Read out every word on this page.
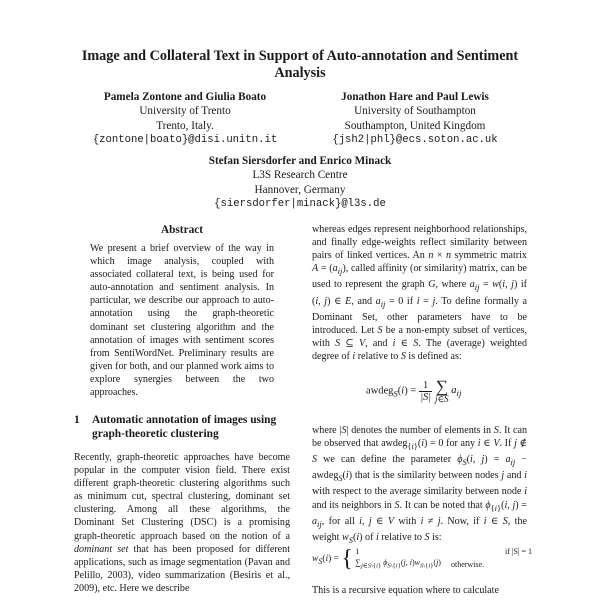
Image and Collateral Text in Support of Auto-annotation and Sentiment
Analysis
Pamela Zontone and Giulia Boato
University of Trento
Trento, Italy.
{zontone|boato}@disi.unitn.it
Jonathon Hare and Paul Lewis
University of Southampton
Southampton, United Kingdom
{jsh2|phl}@ecs.soton.ac.uk
Stefan Siersdorfer and Enrico Minack
L3S Research Centre
Hannover, Germany
{siersdorfer|minack}@l3s.de
Abstract
We present a brief overview of the way in which image analysis, coupled with associated collateral text, is being used for auto-annotation and sentiment analysis. In particular, we describe our approach to auto-annotation using the graph-theoretic dominant set clustering algorithm and the annotation of images with sentiment scores from SentiWordNet. Preliminary results are given for both, and our planned work aims to explore synergies between the two approaches.
1 Automatic annotation of images using
graph-theoretic clustering
Recently, graph-theoretic approaches have become popular in the computer vision field. There exist different graph-theoretic clustering algorithms such as minimum cut, spectral clustering, dominant set clustering. Among all these algorithms, the Dominant Set Clustering (DSC) is a promising graph-theoretic approach based on the notion of a dominant set that has been proposed for different applications, such as image segmentation (Pavan and Pelillo, 2003), video summarization (Besiris et al., 2009), etc. Here we describe
whereas edges represent neighborhood relationships, and finally edge-weights reflect similarity between pairs of linked vertices. An n × n symmetric matrix $A = (a_{ij})$, called affinity (or similarity) matrix, can be used to represent the graph G, where $a_{ij} = w(i$, j) if (i, j) ∈ E, and $a_{ij} = 0$ if i = j. To define formally a Dominant Set, other parameters have to be introduced. Let S be a non-empty subset of vertices, with S ⊆ V, and i ∈ S. The (average) weighted degree of i relative to S is defined as:
awdeg$_S$(i) = $\frac{1}{|S|}$
∑
j∈S $a_{ij}$
where |S| denotes the number of elements in S. It can be observed that awdeg$_{\{i\}}$(i) = 0 for any i ∈ V. If j ∉ S we can define the parameter $\phi_S(i$, $j) = a_{ij}$ − awdeg$_S$(i) that is the similarity between nodes j and i with respect to the average similarity between node i and its neighbors in S. It can be noted that $\phi_{\{i\}}(i$, $j) = a_{ij}$, for all i, j ∈ V with i ≠ j. Now, if i ∈ S, the weight $w_S(i)$ of i relative to S is:
$w_S(i)$ = { 1	if |S| = 1
$\sum_{j\in S\backslash\{i\}}$ $\phi_{S\backslash\{i\}}(j$, $i)w_{S\backslash\{i\}}(j)$	otherwise.
This is a recursive equation where to calculate
